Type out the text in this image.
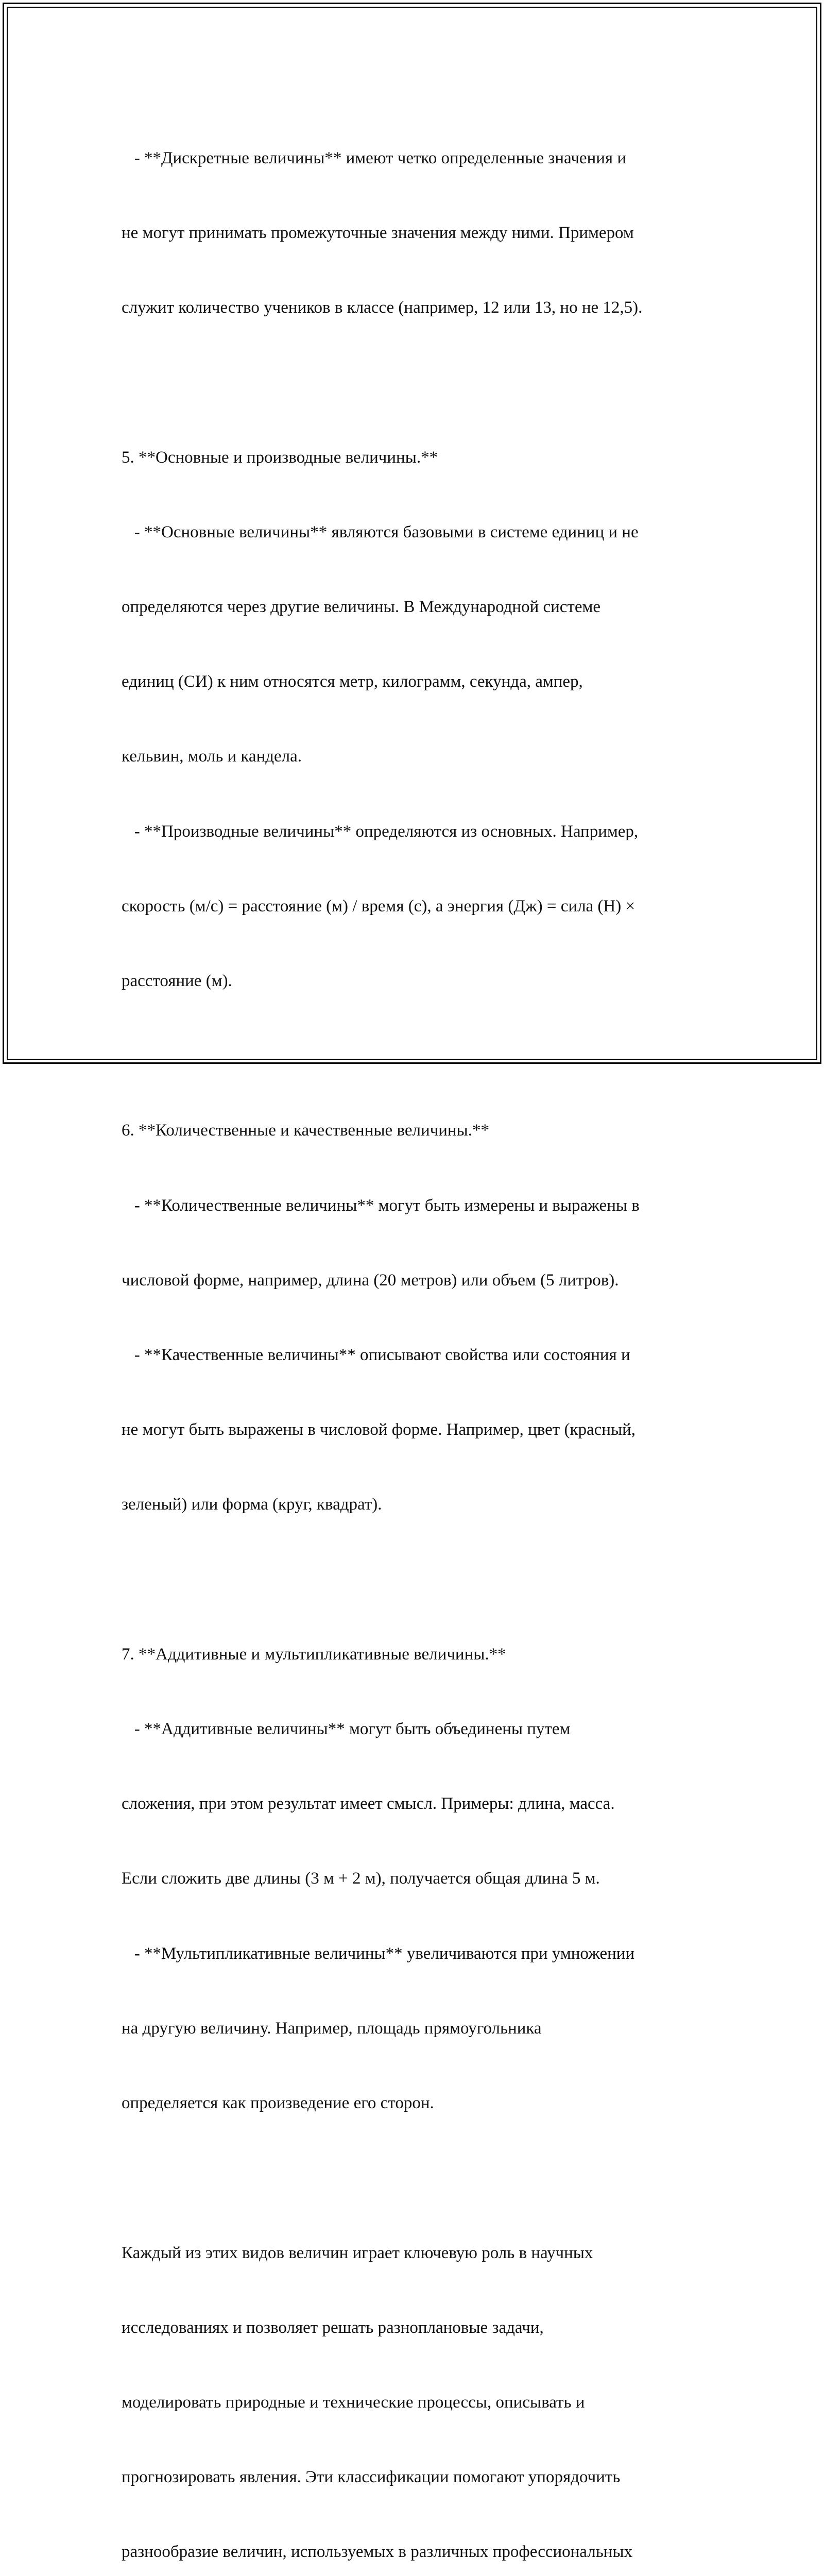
- **Дискретные величины** имеют четко определенные значения и

не могут принимать промежуточные значения между ними. Примером

служит количество учеников в классе (например, 12 или 13, но не 12,5).

5. **Основные и производные величины.**

- **Основные величины** являются базовыми в системе единиц и не

определяются через другие величины. В Международной системе

единиц (СИ) к ним относятся метр, килограмм, секунда, ампер,

кельвин, моль и кандела.

- **Производные величины** определяются из основных. Например,

скорость (м/с) = расстояние (м) / время (с), а энергия (Дж) = сила (Н) ×

расстояние (м).

6. **Количественные и качественные величины.**

- **Количественные величины** могут быть измерены и выражены в

числовой форме, например, длина (20 метров) или объем (5 литров).

- **Качественные величины** описывают свойства или состояния и

не могут быть выражены в числовой форме. Например, цвет (красный,

зеленый) или форма (круг, квадрат).

7. **Аддитивные и мультипликативные величины.**

- **Аддитивные величины** могут быть объединены путем

сложения, при этом результат имеет смысл. Примеры: длина, масса.

Если сложить две длины (3 м + 2 м), получается общая длина 5 м.

- **Мультипликативные величины** увеличиваются при умножении

на другую величину. Например, площадь прямоугольника

определяется как произведение его сторон.

Каждый из этих видов величин играет ключевую роль в научных

исследованиях и позволяет решать разноплановые задачи,

моделировать природные и технические процессы, описывать и

прогнозировать явления. Эти классификации помогают упорядочить

разнообразие величин, используемых в различных профессиональных
